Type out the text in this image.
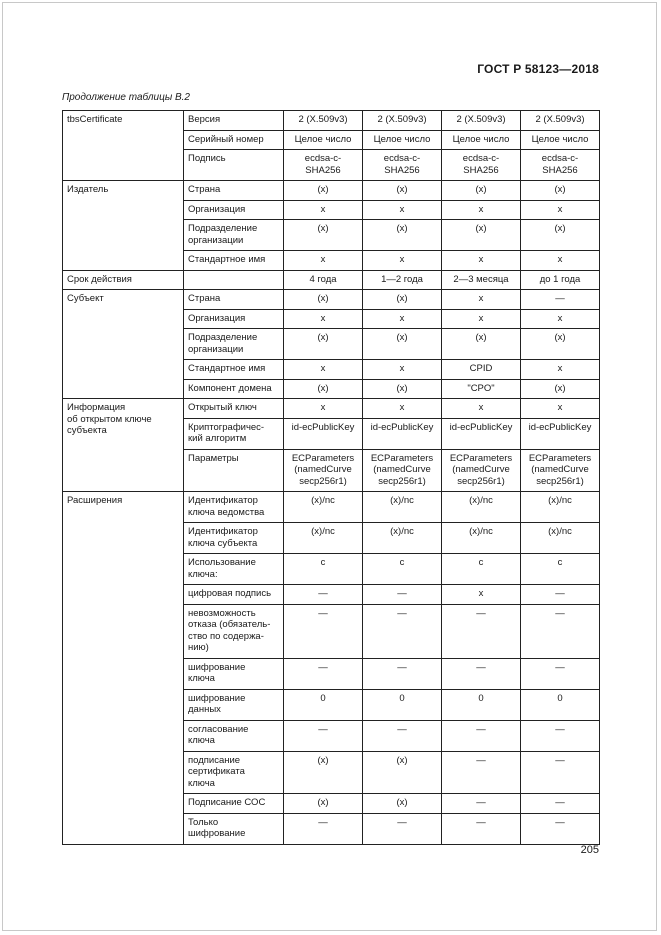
ГОСТ Р 58123—2018
Продолжение таблицы В.2
tbsCertificate	Версия	2 (X.509v3)	2 (X.509v3)	2 (X.509v3)	2 (X.509v3)
	Серийный номер	Целое число	Целое число	Целое число	Целое число
	Подпись	ecdsa-c-
SHA256	ecdsa-c-
SHA256	ecdsa-c-
SHA256	ecdsa-c-
SHA256
Издатель	Страна	(x)	(x)	(x)	(x)
	Организация	x	x	x	x
	Подразделение
организации	(x)	(x)	(x)	(x)
	Стандартное имя	x	x	x	x
Срок действия		4 года	1—2 года	2—3 месяца	до 1 года
Субъект	Страна	(x)	(x)	x	—
	Организация	x	x	x	x
	Подразделение
организации	(x)	(x)	(x)	(x)
	Стандартное имя	x	x	CPID	x
	Компонент домена	(x)	(x)	"CPO"	(x)
Информация
об открытом ключе
субъекта	Открытый ключ	x	x	x	x
	Криптографичес-
кий алгоритм	id-ecPublicKey	id-ecPublicKey	id-ecPublicKey	id-ecPublicKey
	Параметры	ECParameters
(namedCurve
secp256r1)	ECParameters
(namedCurve
secp256r1)	ECParameters
(namedCurve
secp256r1)	ECParameters
(namedCurve
secp256r1)
Расширения	Идентификатор
ключа ведомства	(x)/nc	(x)/nc	(x)/nc	(x)/nc
	Идентификатор
ключа субъекта	(x)/nc	(x)/nc	(x)/nc	(x)/nc
	Использование
ключа:	c	c	c	c
	цифровая подпись	—	—	x	—
	невозможность
отказа (обязатель-
ство по содержа-
нию)	—	—	—	—
	шифрование
ключа	—	—	—	—
	шифрование
данных	0	0	0	0
	согласование
ключа	—	—	—	—
	подписание
сертификата
ключа	(x)	(x)	—	—
	Подписание СОС	(x)	(x)	—	—
	Только
шифрование	—	—	—	—
205
